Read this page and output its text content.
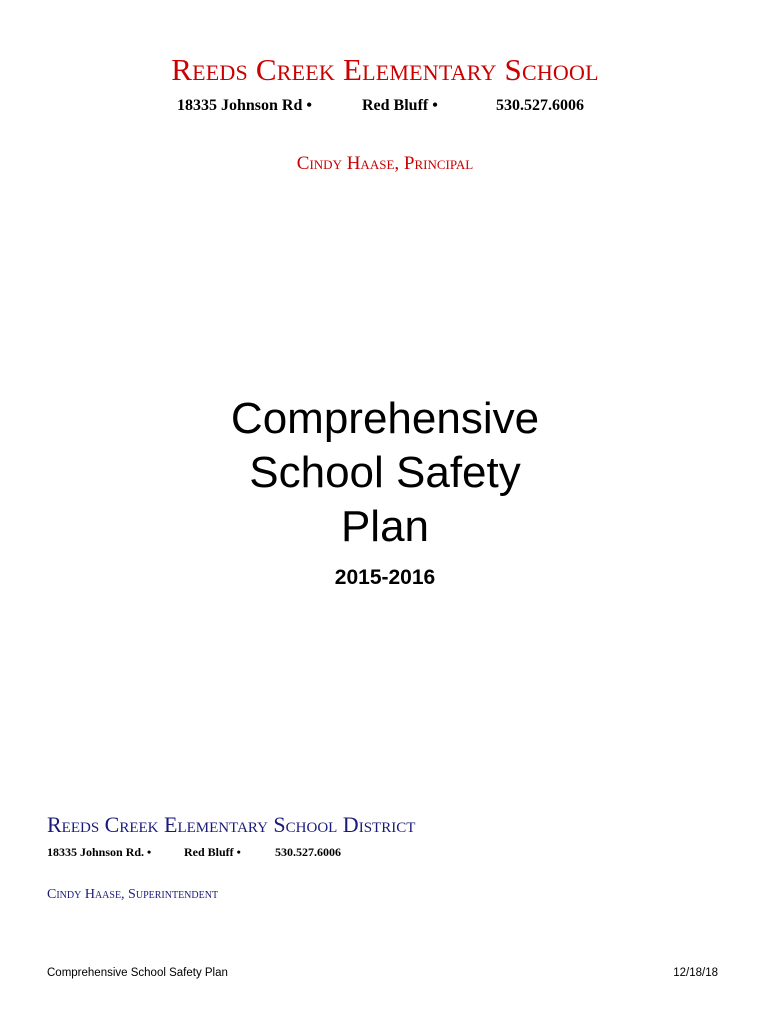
Reeds Creek Elementary School
18335 Johnson Rd •	Red Bluff •	530.527.6006
Cindy Haase, Principal
Comprehensive
School Safety
Plan
2015-2016
Reeds Creek Elementary School District
18335 Johnson Rd. •	Red Bluff •	530.527.6006
Cindy Haase, Superintendent
Comprehensive School Safety Plan	12/18/18
